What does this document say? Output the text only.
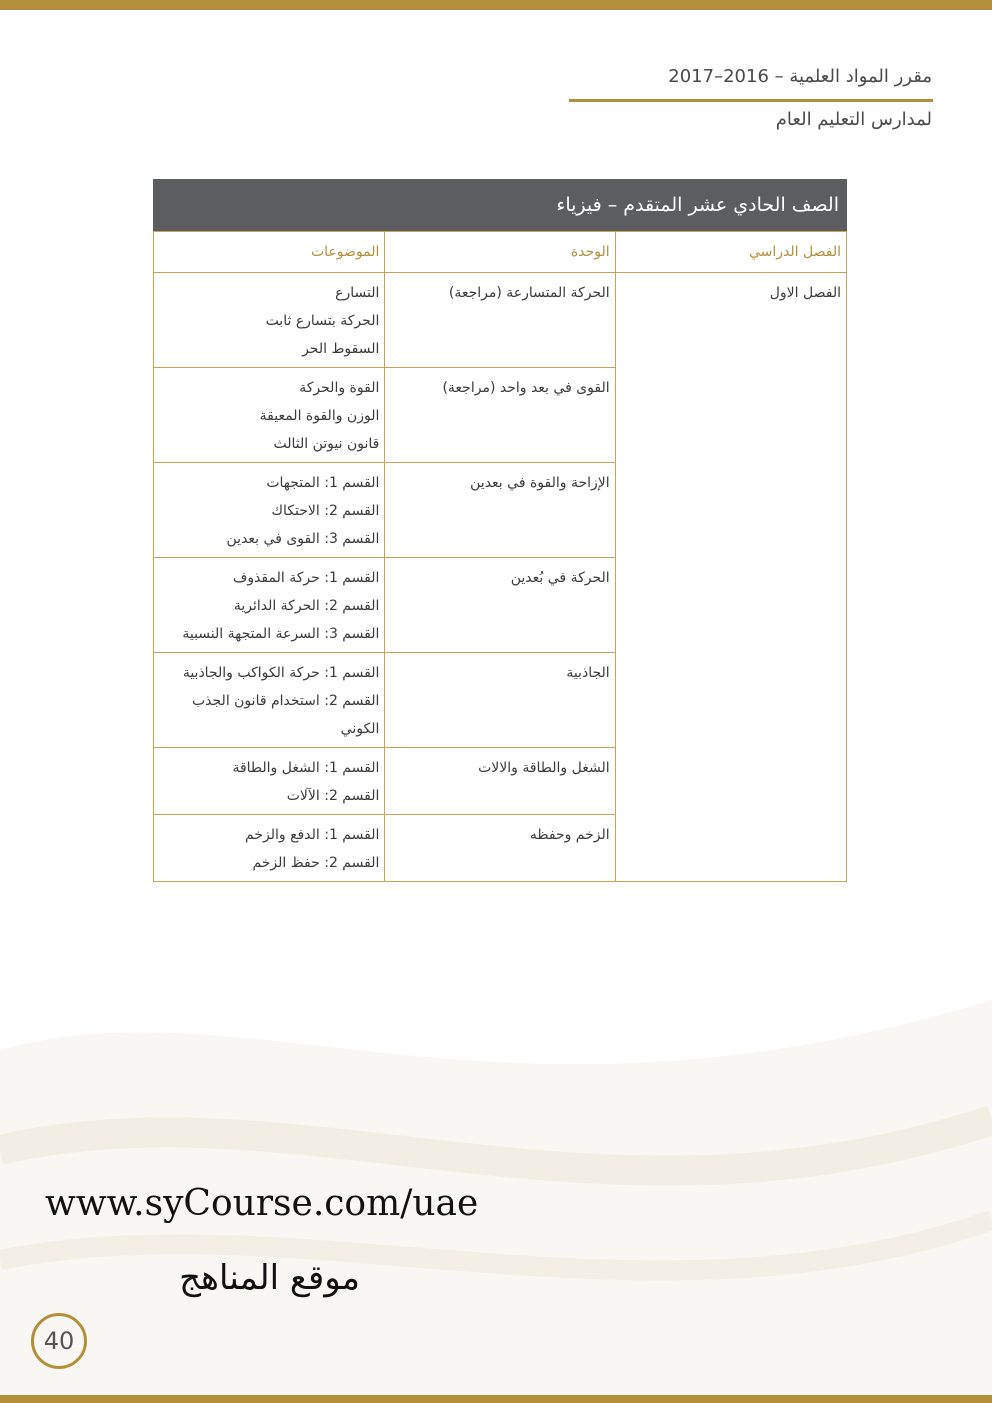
مقرر المواد العلمية – 2016–2017
لمدارس التعليم العام
الصف الحادي عشر المتقدم – فيزياء
الفصل الدراسي	الوحدة	الموضوعات
الفصل الاول	الحركة المتسارعة (مراجعة)	التسارع
الحركة بتسارع ثابت
السقوط الحر

	القوى في بعد واحد (مراجعة)	القوة والحركة
الوزن والقوة المعيقة
قانون نيوتن الثالث

	الإزاحة والقوة في بعدين	القسم 1: المتجهات
القسم 2: الاحتكاك
القسم 3: القوى في بعدين

	الحركة في بُعدين	القسم 1: حركة المقذوف
القسم 2: الحركة الدائرية
القسم 3: السرعة المتجهة النسبية

	الجاذبية	القسم 1: حركة الكواكب والجاذبية
القسم 2: استخدام قانون الجذب الكوني

	الشغل والطاقة والالات	القسم 1: الشغل والطاقة
القسم 2: الآلات

	الزخم وحفظه	القسم 1: الدفع والزخم
القسم 2: حفظ الزخم
www.syCourse.com/uae
موقع المناهج
40
